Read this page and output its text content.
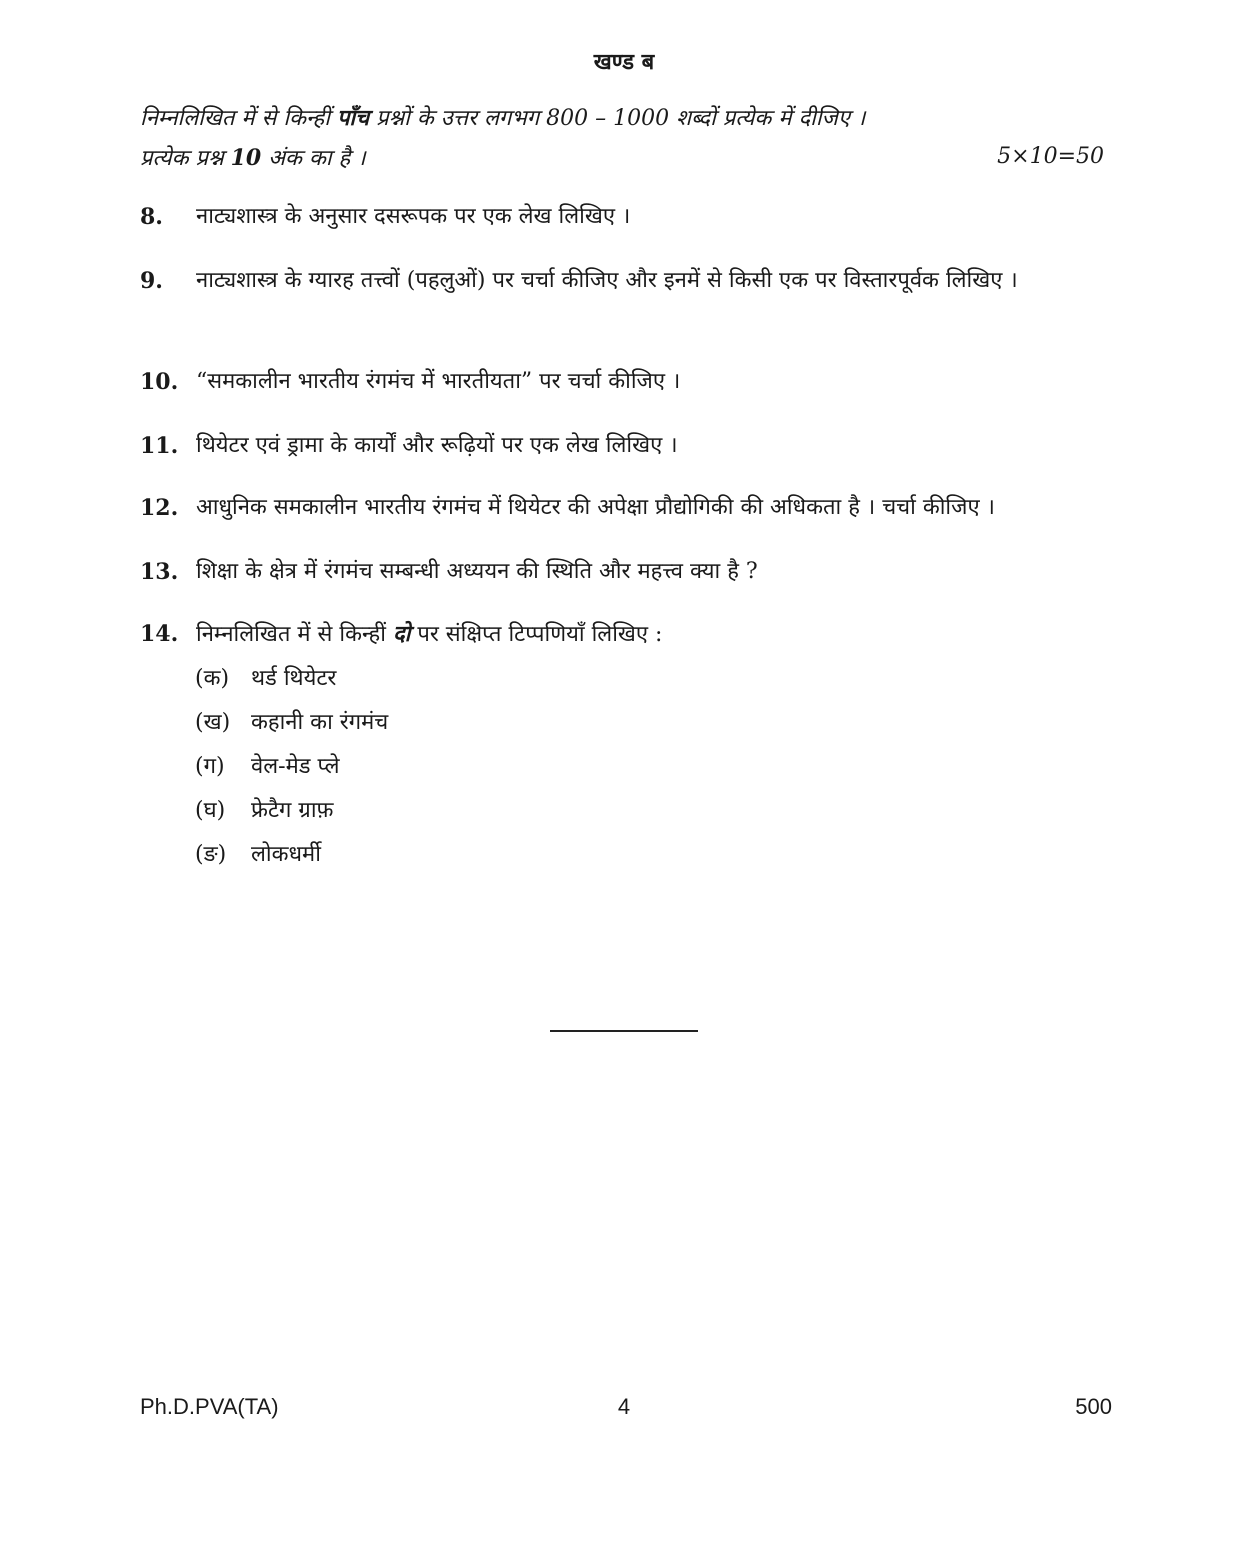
खण्ड ब
निम्नलिखित में से किन्हीं पाँच प्रश्नों के उत्तर लगभग 800 – 1000 शब्दों प्रत्येक में दीजिए ।
प्रत्येक प्रश्न 10 अंक का है ।	5×10=50
8. नाट्यशास्त्र के अनुसार दसरूपक पर एक लेख लिखिए ।
9. नाट्यशास्त्र के ग्यारह तत्त्वों (पहलुओं) पर चर्चा कीजिए और इनमें से किसी एक पर विस्तारपूर्वक लिखिए ।
10. “समकालीन भारतीय रंगमंच में भारतीयता” पर चर्चा कीजिए ।
11. थियेटर एवं ड्रामा के कार्यों और रूढ़ियों पर एक लेख लिखिए ।
12. आधुनिक समकालीन भारतीय रंगमंच में थियेटर की अपेक्षा प्रौद्योगिकी की अधिकता है । चर्चा कीजिए ।
13. शिक्षा के क्षेत्र में रंगमंच सम्बन्धी अध्ययन की स्थिति और महत्त्व क्या है ?
14. निम्नलिखित में से किन्हीं दो पर संक्षिप्त टिप्पणियाँ लिखिए :
(क) थर्ड थियेटर
(ख) कहानी का रंगमंच
(ग) वेल-मेड प्ले
(घ) फ्रेटैग ग्राफ़
(ङ) लोकधर्मी
Ph.D.PVA(TA)	4	500
